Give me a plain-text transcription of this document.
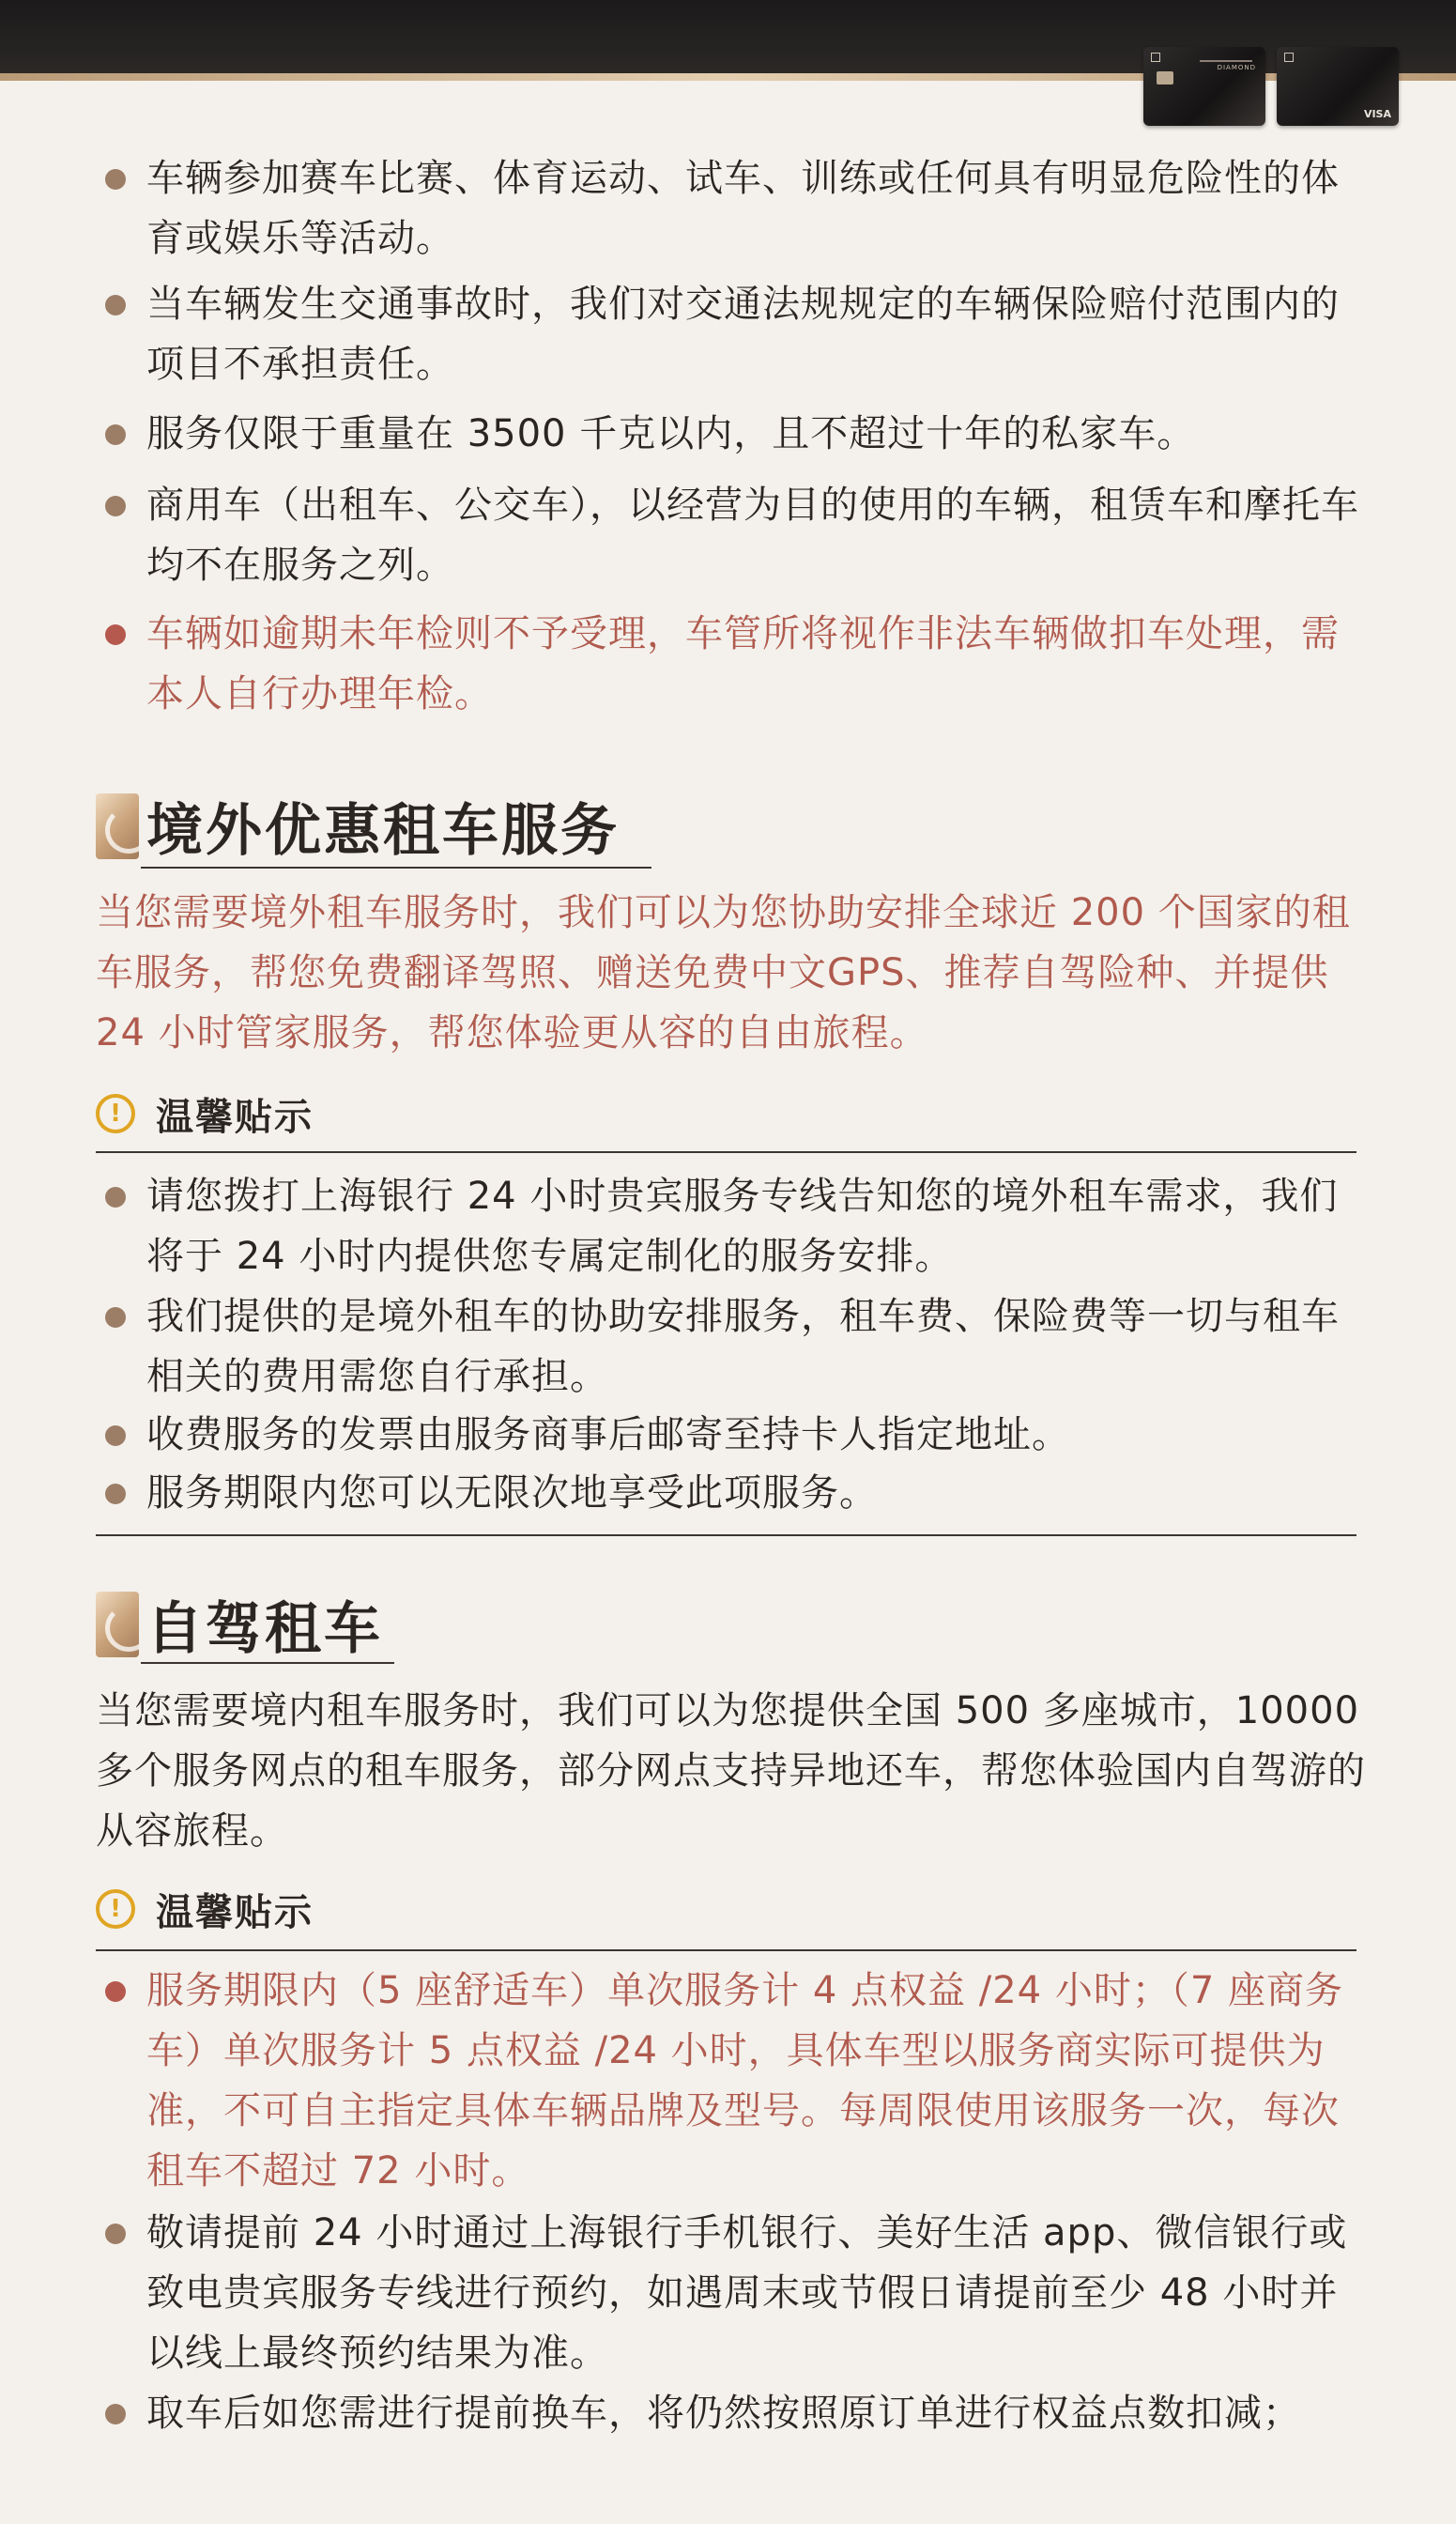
DIAMOND
VISA
车辆参加赛车比赛、体育运动、试车、训练或任何具有明显危险性的体育或娱乐等活动。
当车辆发生交通事故时，我们对交通法规规定的车辆保险赔付范围内的项目不承担责任。
服务仅限于重量在 3500 千克以内，且不超过十年的私家车。
商用车（出租车、公交车），以经营为目的使用的车辆，租赁车和摩托车均不在服务之列。
车辆如逾期未年检则不予受理，车管所将视作非法车辆做扣车处理，需本人自行办理年检。
境外优惠租车服务
当您需要境外租车服务时，我们可以为您协助安排全球近 200 个国家的租车服务，帮您免费翻译驾照、赠送免费中文GPS、推荐自驾险种、并提供 24 小时管家服务，帮您体验更从容的自由旅程。
! 温馨贴示
请您拨打上海银行 24 小时贵宾服务专线告知您的境外租车需求，我们将于 24 小时内提供您专属定制化的服务安排。
我们提供的是境外租车的协助安排服务，租车费、保险费等一切与租车相关的费用需您自行承担。
收费服务的发票由服务商事后邮寄至持卡人指定地址。
服务期限内您可以无限次地享受此项服务。
自驾租车
当您需要境内租车服务时，我们可以为您提供全国 500 多座城市，10000 多个服务网点的租车服务，部分网点支持异地还车，帮您体验国内自驾游的从容旅程。
! 温馨贴示
服务期限内（5 座舒适车）单次服务计 4 点权益 /24 小时；（7 座商务车）单次服务计 5 点权益 /24 小时，具体车型以服务商实际可提供为准，不可自主指定具体车辆品牌及型号。每周限使用该服务一次，每次租车不超过 72 小时。
敬请提前 24 小时通过上海银行手机银行、美好生活 app、微信银行或致电贵宾服务专线进行预约，如遇周末或节假日请提前至少 48 小时并以线上最终预约结果为准。
取车后如您需进行提前换车，将仍然按照原订单进行权益点数扣减；
